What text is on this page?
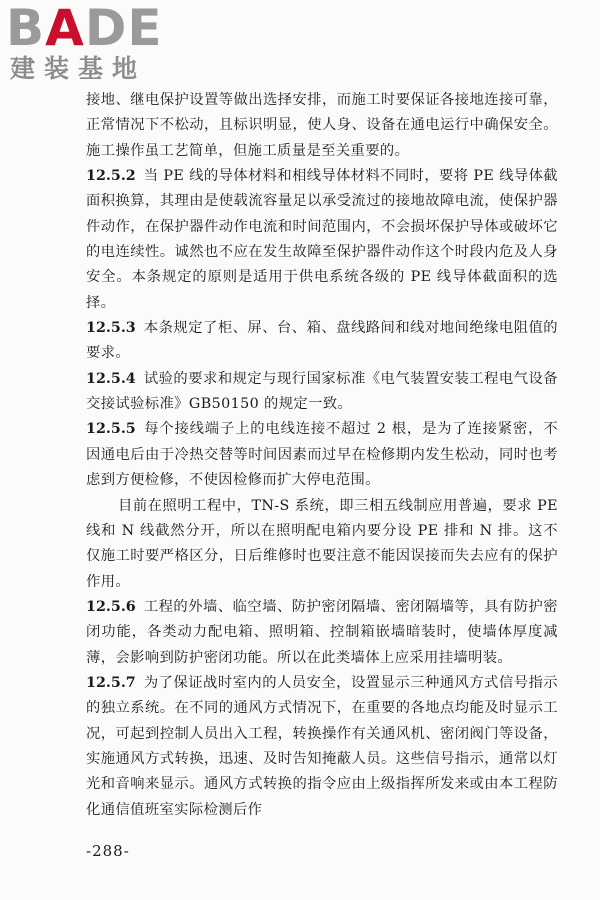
BADE
建装基地

接地、继电保护设置等做出选择安排，而施工时要保证各接地连接可靠，正常情况下不松动，且标识明显，使人身、设备在通电运行中确保安全。施工操作虽工艺简单，但施工质量是至关重要的。

12.5.2 当 PE 线的导体材料和相线导体材料不同时，要将 PE 线导体截面积换算，其理由是使载流容量足以承受流过的接地故障电流，使保护器件动作，在保护器件动作电流和时间范围内，不会损坏保护导体或破坏它的电连续性。诚然也不应在发生故障至保护器件动作这个时段内危及人身安全。本条规定的原则是适用于供电系统各级的 PE 线导体截面积的选择。

12.5.3 本条规定了柜、屏、台、箱、盘线路间和线对地间绝缘电阻值的要求。

12.5.4 试验的要求和规定与现行国家标准《电气装置安装工程电气设备交接试验标准》GB50150 的规定一致。

12.5.5 每个接线端子上的电线连接不超过 2 根，是为了连接紧密，不因通电后由于冷热交替等时间因素而过早在检修期内发生松动，同时也考虑到方便检修，不使因检修而扩大停电范围。

目前在照明工程中，TN-S 系统，即三相五线制应用普遍，要求 PE 线和 N 线截然分开，所以在照明配电箱内要分设 PE 排和 N 排。这不仅施工时要严格区分，日后维修时也要注意不能因误接而失去应有的保护作用。

12.5.6 工程的外墙、临空墙、防护密闭隔墙、密闭隔墙等，具有防护密闭功能，各类动力配电箱、照明箱、控制箱嵌墙暗装时，使墙体厚度减薄，会影响到防护密闭功能。所以在此类墙体上应采用挂墙明装。

12.5.7 为了保证战时室内的人员安全，设置显示三种通风方式信号指示的独立系统。在不同的通风方式情况下，在重要的各地点均能及时显示工况，可起到控制人员出入工程，转换操作有关通风机、密闭阀门等设备，实施通风方式转换，迅速、及时告知掩蔽人员。这些信号指示，通常以灯光和音响来显示。通风方式转换的指令应由上级指挥所发来或由本工程防化通信值班室实际检测后作

-288-
